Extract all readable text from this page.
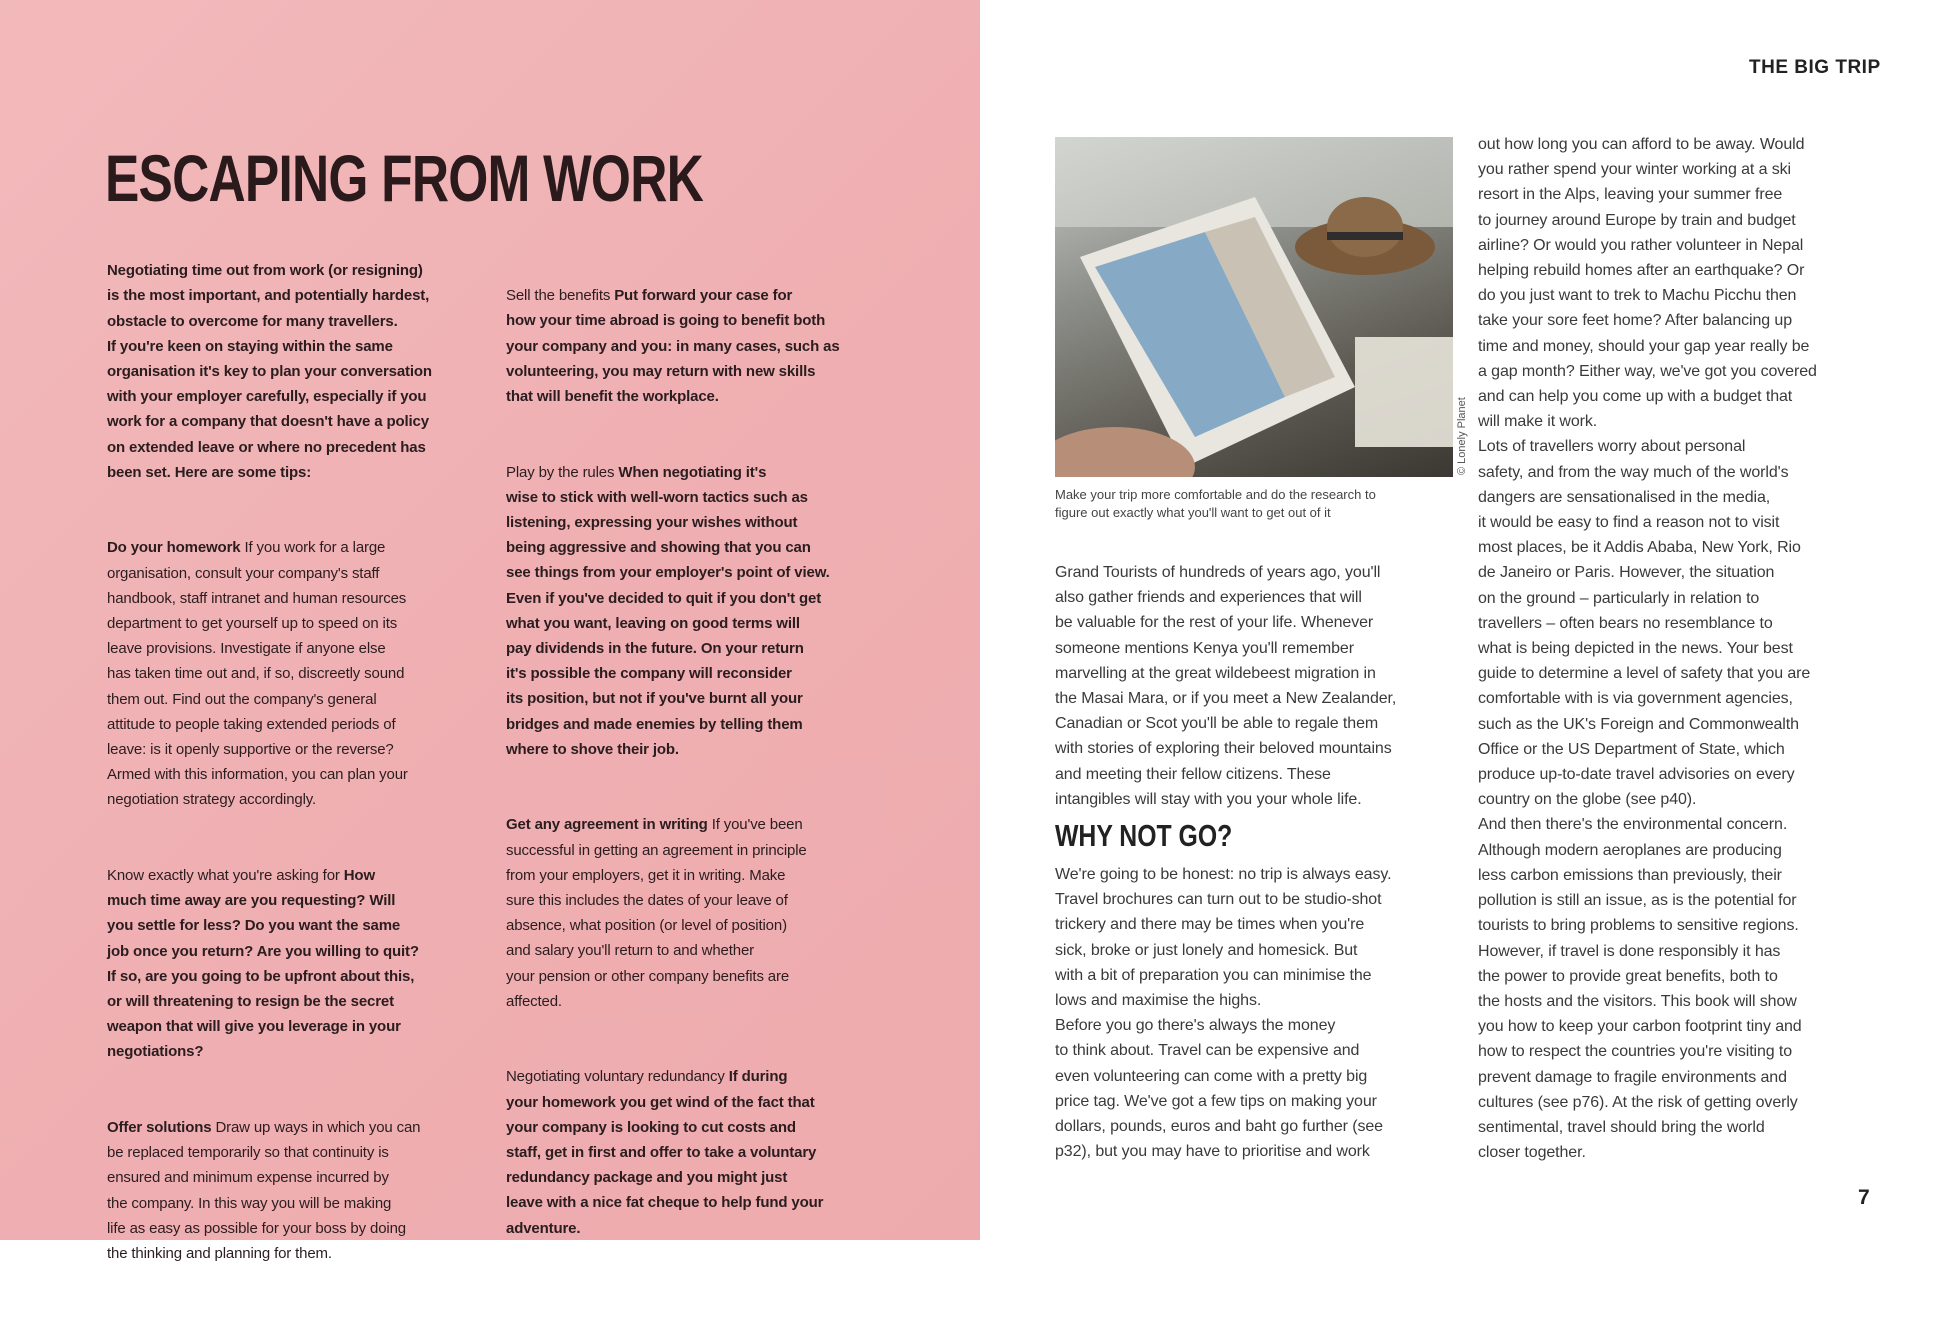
ESCAPING FROM WORK

Negotiating time out from work (or resigning)
is the most important, and potentially hardest,
obstacle to overcome for many travellers.
If you're keen on staying within the same
organisation it's key to plan your conversation
with your employer carefully, especially if you
work for a company that doesn't have a policy
on extended leave or where no precedent has
been set. Here are some tips:

Do your homework If you work for a large
organisation, consult your company's staff
handbook, staff intranet and human resources
department to get yourself up to speed on its
leave provisions. Investigate if anyone else
has taken time out and, if so, discreetly sound
them out. Find out the company's general
attitude to people taking extended periods of
leave: is it openly supportive or the reverse?
Armed with this information, you can plan your
negotiation strategy accordingly.

Know exactly what you're asking for How
much time away are you requesting? Will
you settle for less? Do you want the same
job once you return? Are you willing to quit?
If so, are you going to be upfront about this,
or will threatening to resign be the secret
weapon that will give you leverage in your
negotiations?

Offer solutions Draw up ways in which you can
be replaced temporarily so that continuity is
ensured and minimum expense incurred by
the company. In this way you will be making
life as easy as possible for your boss by doing
the thinking and planning for them.

Sell the benefits Put forward your case for
how your time abroad is going to benefit both
your company and you: in many cases, such as
volunteering, you may return with new skills
that will benefit the workplace.

Play by the rules When negotiating it's
wise to stick with well-worn tactics such as
listening, expressing your wishes without
being aggressive and showing that you can
see things from your employer's point of view.
Even if you've decided to quit if you don't get
what you want, leaving on good terms will
pay dividends in the future. On your return
it's possible the company will reconsider
its position, but not if you've burnt all your
bridges and made enemies by telling them
where to shove their job.

Get any agreement in writing If you've been
successful in getting an agreement in principle
from your employers, get it in writing. Make
sure this includes the dates of your leave of
absence, what position (or level of position)
and salary you'll return to and whether
your pension or other company benefits are
affected.

Negotiating voluntary redundancy If during
your homework you get wind of the fact that
your company is looking to cut costs and
staff, get in first and offer to take a voluntary
redundancy package and you might just
leave with a nice fat cheque to help fund your
adventure.

THE BIG TRIP
© Lonely Planet
Make your trip more comfortable and do the research to
figure out exactly what you'll want to get out of it
Grand Tourists of hundreds of years ago, you'll
also gather friends and experiences that will
be valuable for the rest of your life. Whenever
someone mentions Kenya you'll remember
marvelling at the great wildebeest migration in
the Masai Mara, or if you meet a New Zealander,
Canadian or Scot you'll be able to regale them
with stories of exploring their beloved mountains
and meeting their fellow citizens. These
intangibles will stay with you your whole life.
WHY NOT GO?
We're going to be honest: no trip is always easy.
Travel brochures can turn out to be studio-shot
trickery and there may be times when you're
sick, broke or just lonely and homesick. But
with a bit of preparation you can minimise the
lows and maximise the highs.
Before you go there's always the money
to think about. Travel can be expensive and
even volunteering can come with a pretty big
price tag. We've got a few tips on making your
dollars, pounds, euros and baht go further (see
p32), but you may have to prioritise and work
out how long you can afford to be away. Would
you rather spend your winter working at a ski
resort in the Alps, leaving your summer free
to journey around Europe by train and budget
airline? Or would you rather volunteer in Nepal
helping rebuild homes after an earthquake? Or
do you just want to trek to Machu Picchu then
take your sore feet home? After balancing up
time and money, should your gap year really be
a gap month? Either way, we've got you covered
and can help you come up with a budget that
will make it work.
Lots of travellers worry about personal
safety, and from the way much of the world's
dangers are sensationalised in the media,
it would be easy to find a reason not to visit
most places, be it Addis Ababa, New York, Rio
de Janeiro or Paris. However, the situation
on the ground – particularly in relation to
travellers – often bears no resemblance to
what is being depicted in the news. Your best
guide to determine a level of safety that you are
comfortable with is via government agencies,
such as the UK's Foreign and Commonwealth
Office or the US Department of State, which
produce up-to-date travel advisories on every
country on the globe (see p40).
And then there's the environmental concern.
Although modern aeroplanes are producing
less carbon emissions than previously, their
pollution is still an issue, as is the potential for
tourists to bring problems to sensitive regions.
However, if travel is done responsibly it has
the power to provide great benefits, both to
the hosts and the visitors. This book will show
you how to keep your carbon footprint tiny and
how to respect the countries you're visiting to
prevent damage to fragile environments and
cultures (see p76). At the risk of getting overly
sentimental, travel should bring the world
closer together.
7
